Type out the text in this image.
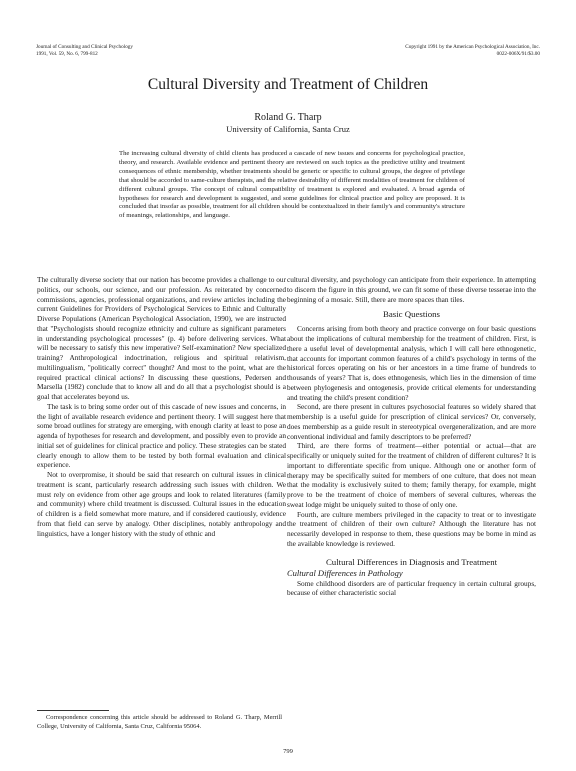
Journal of Consulting and Clinical Psychology
1991, Vol. 59, No. 6, 799-812
Copyright 1991 by the American Psychological Association, Inc.
0022-006X/91/$3.00
Cultural Diversity and Treatment of Children
Roland G. Tharp
University of California, Santa Cruz

The increasing cultural diversity of child clients has produced a cascade of new issues and concerns for psychological practice, theory, and research. Available evidence and pertinent theory are reviewed on such topics as the predictive utility and treatment consequences of ethnic membership, whether treatments should be generic or specific to cultural groups, the degree of privilege that should be accorded to same-culture therapists, and the relative desirability of different modalities of treatment for children of different cultural groups. The concept of cultural compatibility of treatment is explored and evaluated. A broad agenda of hypotheses for research and development is suggested, and some guidelines for clinical practice and policy are proposed. It is concluded that insofar as possible, treatment for all children should be contextualized in their family's and community's structure of meanings, relationships, and language.

The culturally diverse society that our nation has become provides a challenge to our politics, our schools, our science, and our profession. As reiterated by concerned commissions, agencies, professional organizations, and review articles including the current Guidelines for Providers of Psychological Services to Ethnic and Culturally Diverse Populations (American Psychological Association, 1990), we are instructed that "Psychologists should recognize ethnicity and culture as significant parameters in understanding psychological processes" (p. 4) before delivering services. What will be necessary to satisfy this new imperative? Self-examination? New specialized training? Anthropological indoctrination, religious and spiritual relativism, multilingualism, "politically correct" thought? And most to the point, what are the required practical clinical actions? In discussing these questions, Pedersen and Marsella (1982) conclude that to know all and do all that a psychologist should is a goal that accelerates beyond us.

The task is to bring some order out of this cascade of new issues and concerns, in the light of available research evidence and pertinent theory. I will suggest here that some broad outlines for strategy are emerging, with enough clarity at least to pose an agenda of hypotheses for research and development, and possibly even to provide an initial set of guidelines for clinical practice and policy. These strategies can be stated clearly enough to allow them to be tested by both formal evaluation and clinical experience.

Not to overpromise, it should be said that research on cultural issues in clinical treatment is scant, particularly research addressing such issues with children. We must rely on evidence from other age groups and look to related literatures (family and community) where child treatment is discussed. Cultural issues in the education of children is a field somewhat more mature, and if considered cautiously, evidence from that field can serve by analogy. Other disciplines, notably anthropology and linguistics, have a longer history with the study of ethnic and

cultural diversity, and psychology can anticipate from their experience. In attempting to discern the figure in this ground, we can fit some of these diverse tesserae into the beginning of a mosaic. Still, there are more spaces than tiles.

Basic Questions

Concerns arising from both theory and practice converge on four basic questions about the implications of cultural membership for the treatment of children. First, is there a useful level of developmental analysis, which I will call here ethnogenetic, that accounts for important common features of a child's psychology in terms of the historical forces operating on his or her ancestors in a time frame of hundreds to thousands of years? That is, does ethnogenesis, which lies in the dimension of time between phylogenesis and ontogenesis, provide critical elements for understanding and treating the child's present condition?

Second, are there present in cultures psychosocial features so widely shared that membership is a useful guide for prescription of clinical services? Or, conversely, does membership as a guide result in stereotypical overgeneralization, and are more conventional individual and family descriptors to be preferred?

Third, are there forms of treatment—either potential or actual—that are specifically or uniquely suited for the treatment of children of different cultures? It is important to differentiate specific from unique. Although one or another form of therapy may be specifically suited for members of one culture, that does not mean that the modality is exclusively suited to them; family therapy, for example, might prove to be the treatment of choice of members of several cultures, whereas the sweat lodge might be uniquely suited to those of only one.

Fourth, are culture members privileged in the capacity to treat or to investigate the treatment of children of their own culture? Although the literature has not necessarily developed in response to them, these questions may be borne in mind as the available knowledge is reviewed.

Cultural Differences in Diagnosis and Treatment
Cultural Differences in Pathology

Some childhood disorders are of particular frequency in certain cultural groups, because of either characteristic social

Correspondence concerning this article should be addressed to Roland G. Tharp, Merrill College, University of California, Santa Cruz, California 95064.

799
